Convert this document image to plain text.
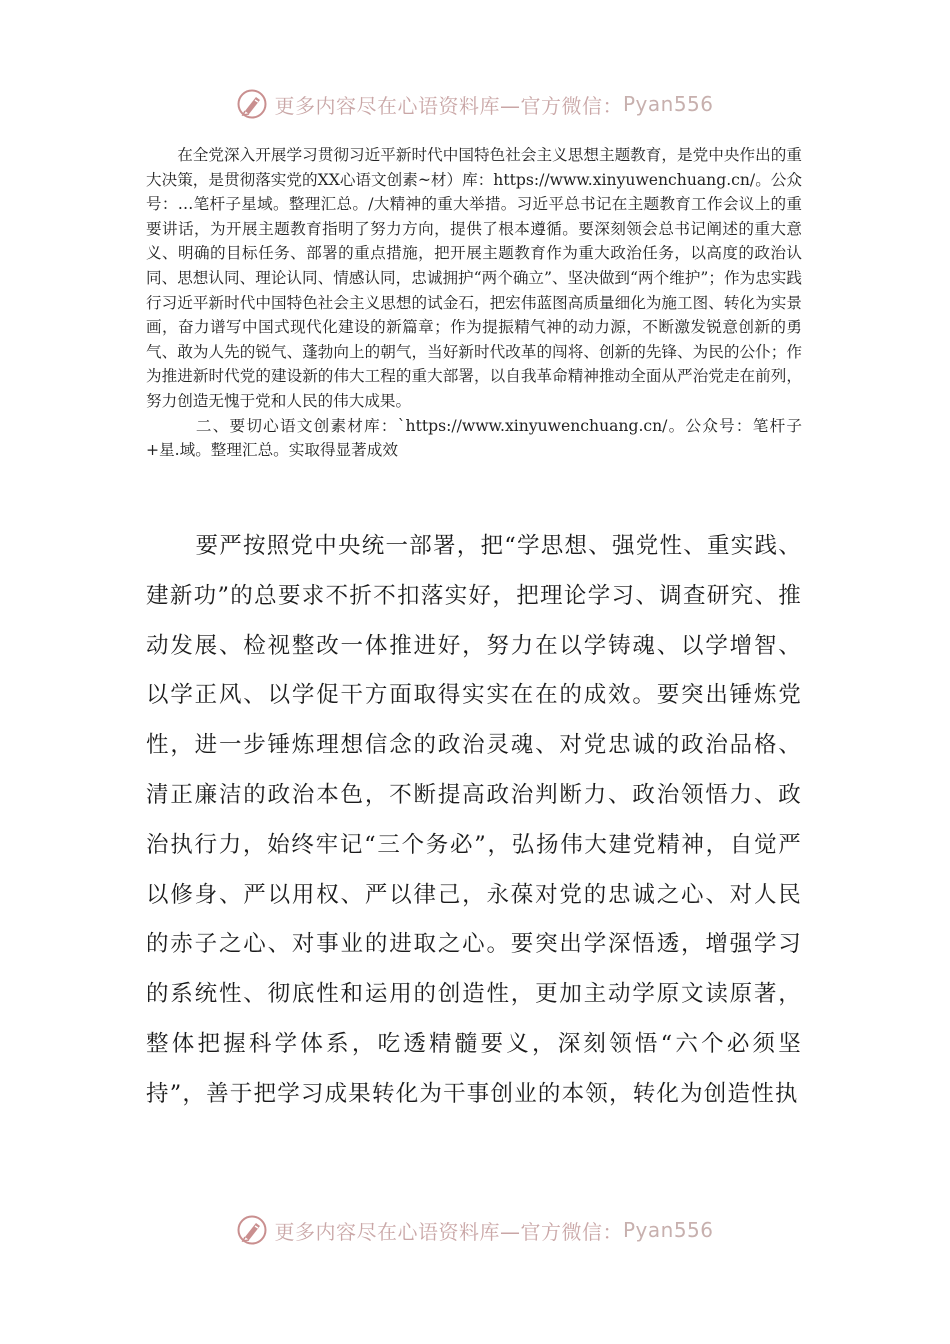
更多内容尽在心语资料库—官方微信： Pyan556

在全党深入开展学习贯彻习近平新时代中国特色社会主义思想主题教育，是党中央作出的重大决策，是贯彻落实党的XX心语文创素~材）库：https://www.xinyuwenchuang.cn/。公众号：…笔杆子星域。整理汇总。/大精神的重大举措。习近平总书记在主题教育工作会议上的重要讲话，为开展主题教育指明了努力方向，提供了根本遵循。要深刻领会总书记阐述的重大意义、明确的目标任务、部署的重点措施，把开展主题教育作为重大政治任务，以高度的政治认同、思想认同、理论认同、情感认同，忠诚拥护“两个确立”、坚决做到“两个维护”；作为忠实践行习近平新时代中国特色社会主义思想的试金石，把宏伟蓝图高质量细化为施工图、转化为实景画，奋力谱写中国式现代化建设的新篇章；作为提振精气神的动力源，不断激发锐意创新的勇气、敢为人先的锐气、蓬勃向上的朝气，当好新时代改革的闯将、创新的先锋、为民的公仆；作为推进新时代党的建设新的伟大工程的重大部署，以自我革命精神推动全面从严治党走在前列，努力创造无愧于党和人民的伟大成果。

二、要切心语文创素材库：`https://www.xinyuwenchuang.cn/。公众号：笔杆子+星.域。整理汇总。实取得显著成效

要严按照党中央统一部署，把“学思想、强党性、重实践、建新功”的总要求不折不扣落实好，把理论学习、调查研究、推动发展、检视整改一体推进好，努力在以学铸魂、以学增智、以学正风、以学促干方面取得实实在在的成效。要突出锤炼党性，进一步锤炼理想信念的政治灵魂、对党忠诚的政治品格、清正廉洁的政治本色，不断提高政治判断力、政治领悟力、政治执行力，始终牢记“三个务必”，弘扬伟大建党精神，自觉严以修身、严以用权、严以律己，永葆对党的忠诚之心、对人民的赤子之心、对事业的进取之心。要突出学深悟透，增强学习的系统性、彻底性和运用的创造性，更加主动学原文读原著，整体把握科学体系，吃透精髓要义，深刻领悟“六个必须坚持”，善于把学习成果转化为干事创业的本领，转化为创造性执

更多内容尽在心语资料库—官方微信： Pyan556
